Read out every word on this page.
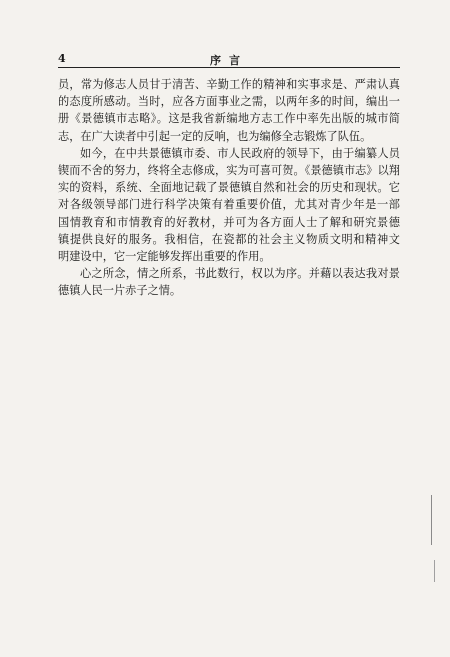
4	序言
员，常为修志人员甘于清苦、辛勤工作的精神和实事求是、严肃认真
的态度所感动。当时，应各方面事业之需，以两年多的时间，编出一
册《景德镇市志略》。这是我省新编地方志工作中率先出版的城市简
志，在广大读者中引起一定的反响，也为编修全志锻炼了队伍。
如今，在中共景德镇市委、市人民政府的领导下，由于编纂人员
锲而不舍的努力，终将全志修成，实为可喜可贺。《景德镇市志》以翔
实的资料，系统、全面地记载了景德镇自然和社会的历史和现状。它
对各级领导部门进行科学决策有着重要价值，尤其对青少年是一部
国情教育和市情教育的好教材，并可为各方面人士了解和研究景德
镇提供良好的服务。我相信，在瓷都的社会主义物质文明和精神文
明建设中，它一定能够发挥出重要的作用。
心之所念，情之所系，书此数行，权以为序。并藉以表达我对景
德镇人民一片赤子之情。
